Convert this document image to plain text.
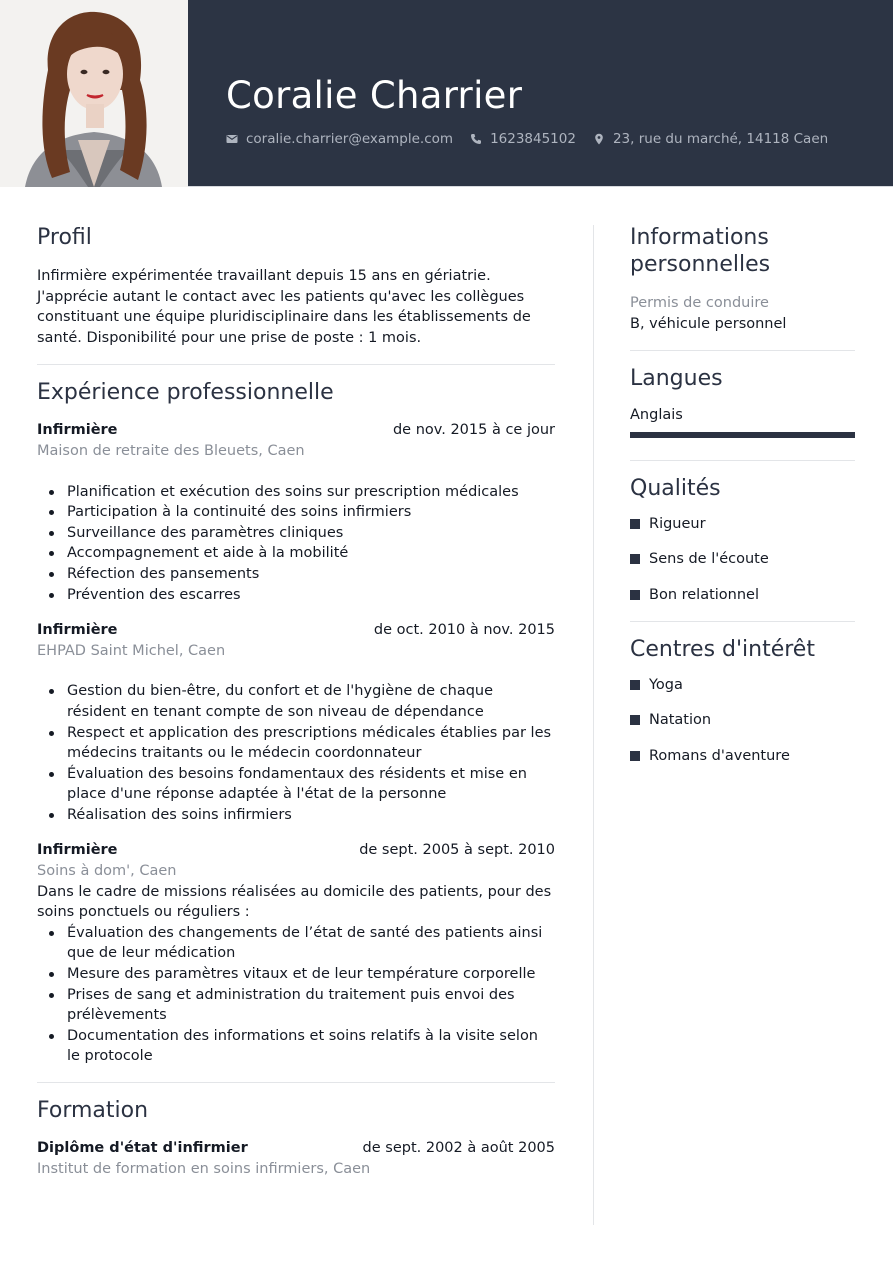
Coralie Charrier
coralie.charrier@example.com	1623845102	23, rue du marché, 14118 Caen
Profil
Infirmière expérimentée travaillant depuis 15 ans en gériatrie. J'apprécie autant le contact avec les patients qu'avec les collègues constituant une équipe pluridisciplinaire dans les établissements de santé. Disponibilité pour une prise de poste : 1 mois.
Expérience professionnelle
Infirmière	de nov. 2015 à ce jour
Maison de retraite des Bleuets, Caen
Planification et exécution des soins sur prescription médicales
Participation à la continuité des soins infirmiers
Surveillance des paramètres cliniques
Accompagnement et aide à la mobilité
Réfection des pansements
Prévention des escarres
Infirmière	de oct. 2010 à nov. 2015
EHPAD Saint Michel, Caen
Gestion du bien-être, du confort et de l'hygiène de chaque résident en tenant compte de son niveau de dépendance
Respect et application des prescriptions médicales établies par les médecins traitants ou le médecin coordonnateur
Évaluation des besoins fondamentaux des résidents et mise en place d'une réponse adaptée à l'état de la personne
Réalisation des soins infirmiers
Infirmière	de sept. 2005 à sept. 2010
Soins à dom', Caen
Dans le cadre de missions réalisées au domicile des patients, pour des soins ponctuels ou réguliers :
Évaluation des changements de l’état de santé des patients ainsi que de leur médication
Mesure des paramètres vitaux et de leur température corporelle
Prises de sang et administration du traitement puis envoi des prélèvements
Documentation des informations et soins relatifs à la visite selon le protocole
Formation
Diplôme d'état d'infirmier	de sept. 2002 à août 2005
Institut de formation en soins infirmiers, Caen
Informations personnelles
Permis de conduire
B, véhicule personnel
Langues
Anglais
Qualités
Rigueur
Sens de l'écoute
Bon relationnel
Centres d'intérêt
Yoga
Natation
Romans d'aventure
